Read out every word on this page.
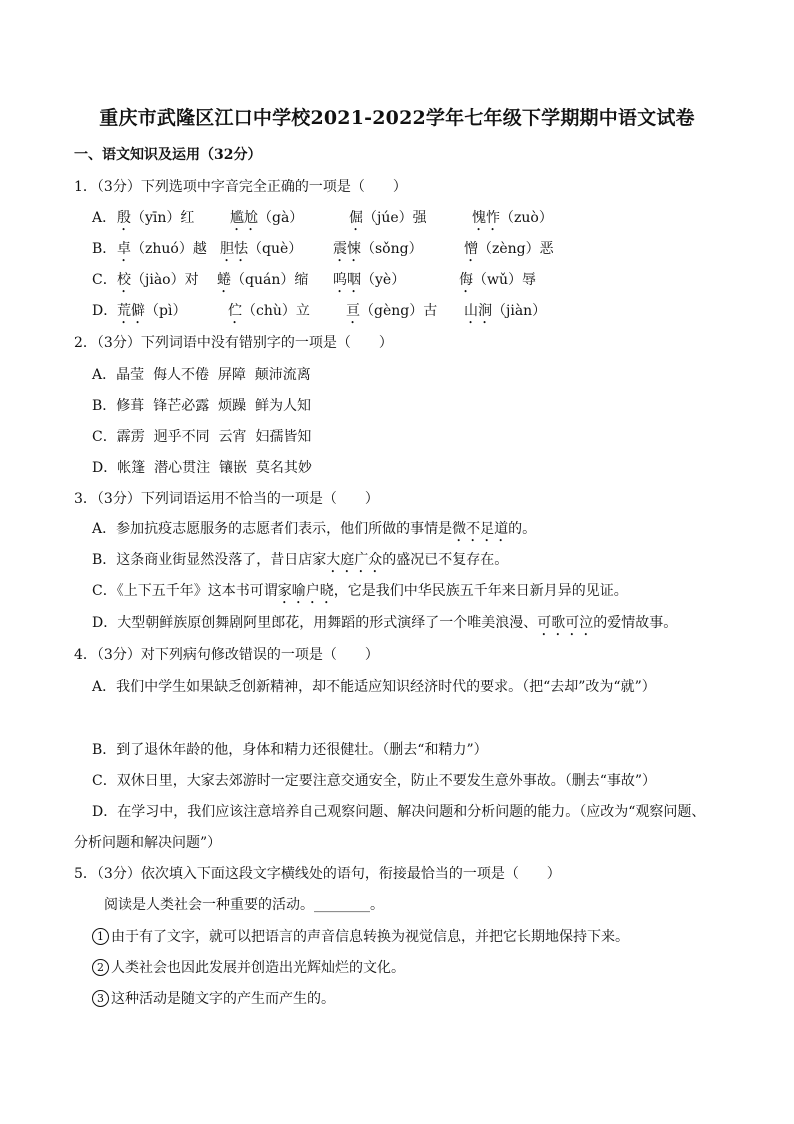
重庆市武隆区江口中学校2021-2022学年七年级下学期期中语文试卷
一、语文知识及运用（32分）
1．（3分）下列选项中字音完全正确的一项是（　　）
A． 殷（yīn）红	尴尬（gà）	倔（júe）强	愧怍（zuò）
B． 卓（zhuó）越 胆怯（què） 震悚（sǒng）	憎（zèng）恶
C． 校（jiào）对 蜷（quán）缩 呜咽（yè）	侮（wǔ）辱
D． 荒僻（pì）	伫（chù）立	亘（gèng）古 山涧（jiàn）
2．（3分）下列词语中没有错别字的一项是（　　）
A．晶莹  侮人不倦  屏障  颠沛流离
B．修葺  锋芒必露  烦躁  鲜为人知
C．霹雳  迥乎不同  云宵  妇孺皆知
D．帐篷  潜心贯注  镶嵌  莫名其妙
3．（3分）下列词语运用不恰当的一项是（　　）
A．参加抗疫志愿服务的志愿者们表示，他们所做的事情是微不足道的。
B．这条商业街显然没落了，昔日店家大庭广众的盛况已不复存在。
C．《上下五千年》这本书可谓家喻户晓，它是我们中华民族五千年来日新月异的见证。
D．大型朝鲜族原创舞剧阿里郎花，用舞蹈的形式演绎了一个唯美浪漫、可歌可泣的爱情故事。
4．（3分）对下列病句修改错误的一项是（　　）
A．我们中学生如果缺乏创新精神，却不能适应知识经济时代的要求。（把“去却”改为“就”）
B．到了退休年龄的他，身体和精力还很健壮。（删去“和精力”）
C．双休日里，大家去郊游时一定要注意交通安全，防止不要发生意外事故。（删去“事故”）
D．在学习中，我们应该注意培养自己观察问题、解决问题和分析问题的能力。（应改为“观察问题、
分析问题和解决问题”）
5．（3分）依次填入下面这段文字横线处的语句，衔接最恰当的一项是（　　）
阅读是人类社会一种重要的活动。________。
1 由于有了文字，就可以把语言的声音信息转换为视觉信息，并把它长期地保持下来。
2 人类社会也因此发展并创造出光辉灿烂的文化。
3 这种活动是随文字的产生而产生的。
